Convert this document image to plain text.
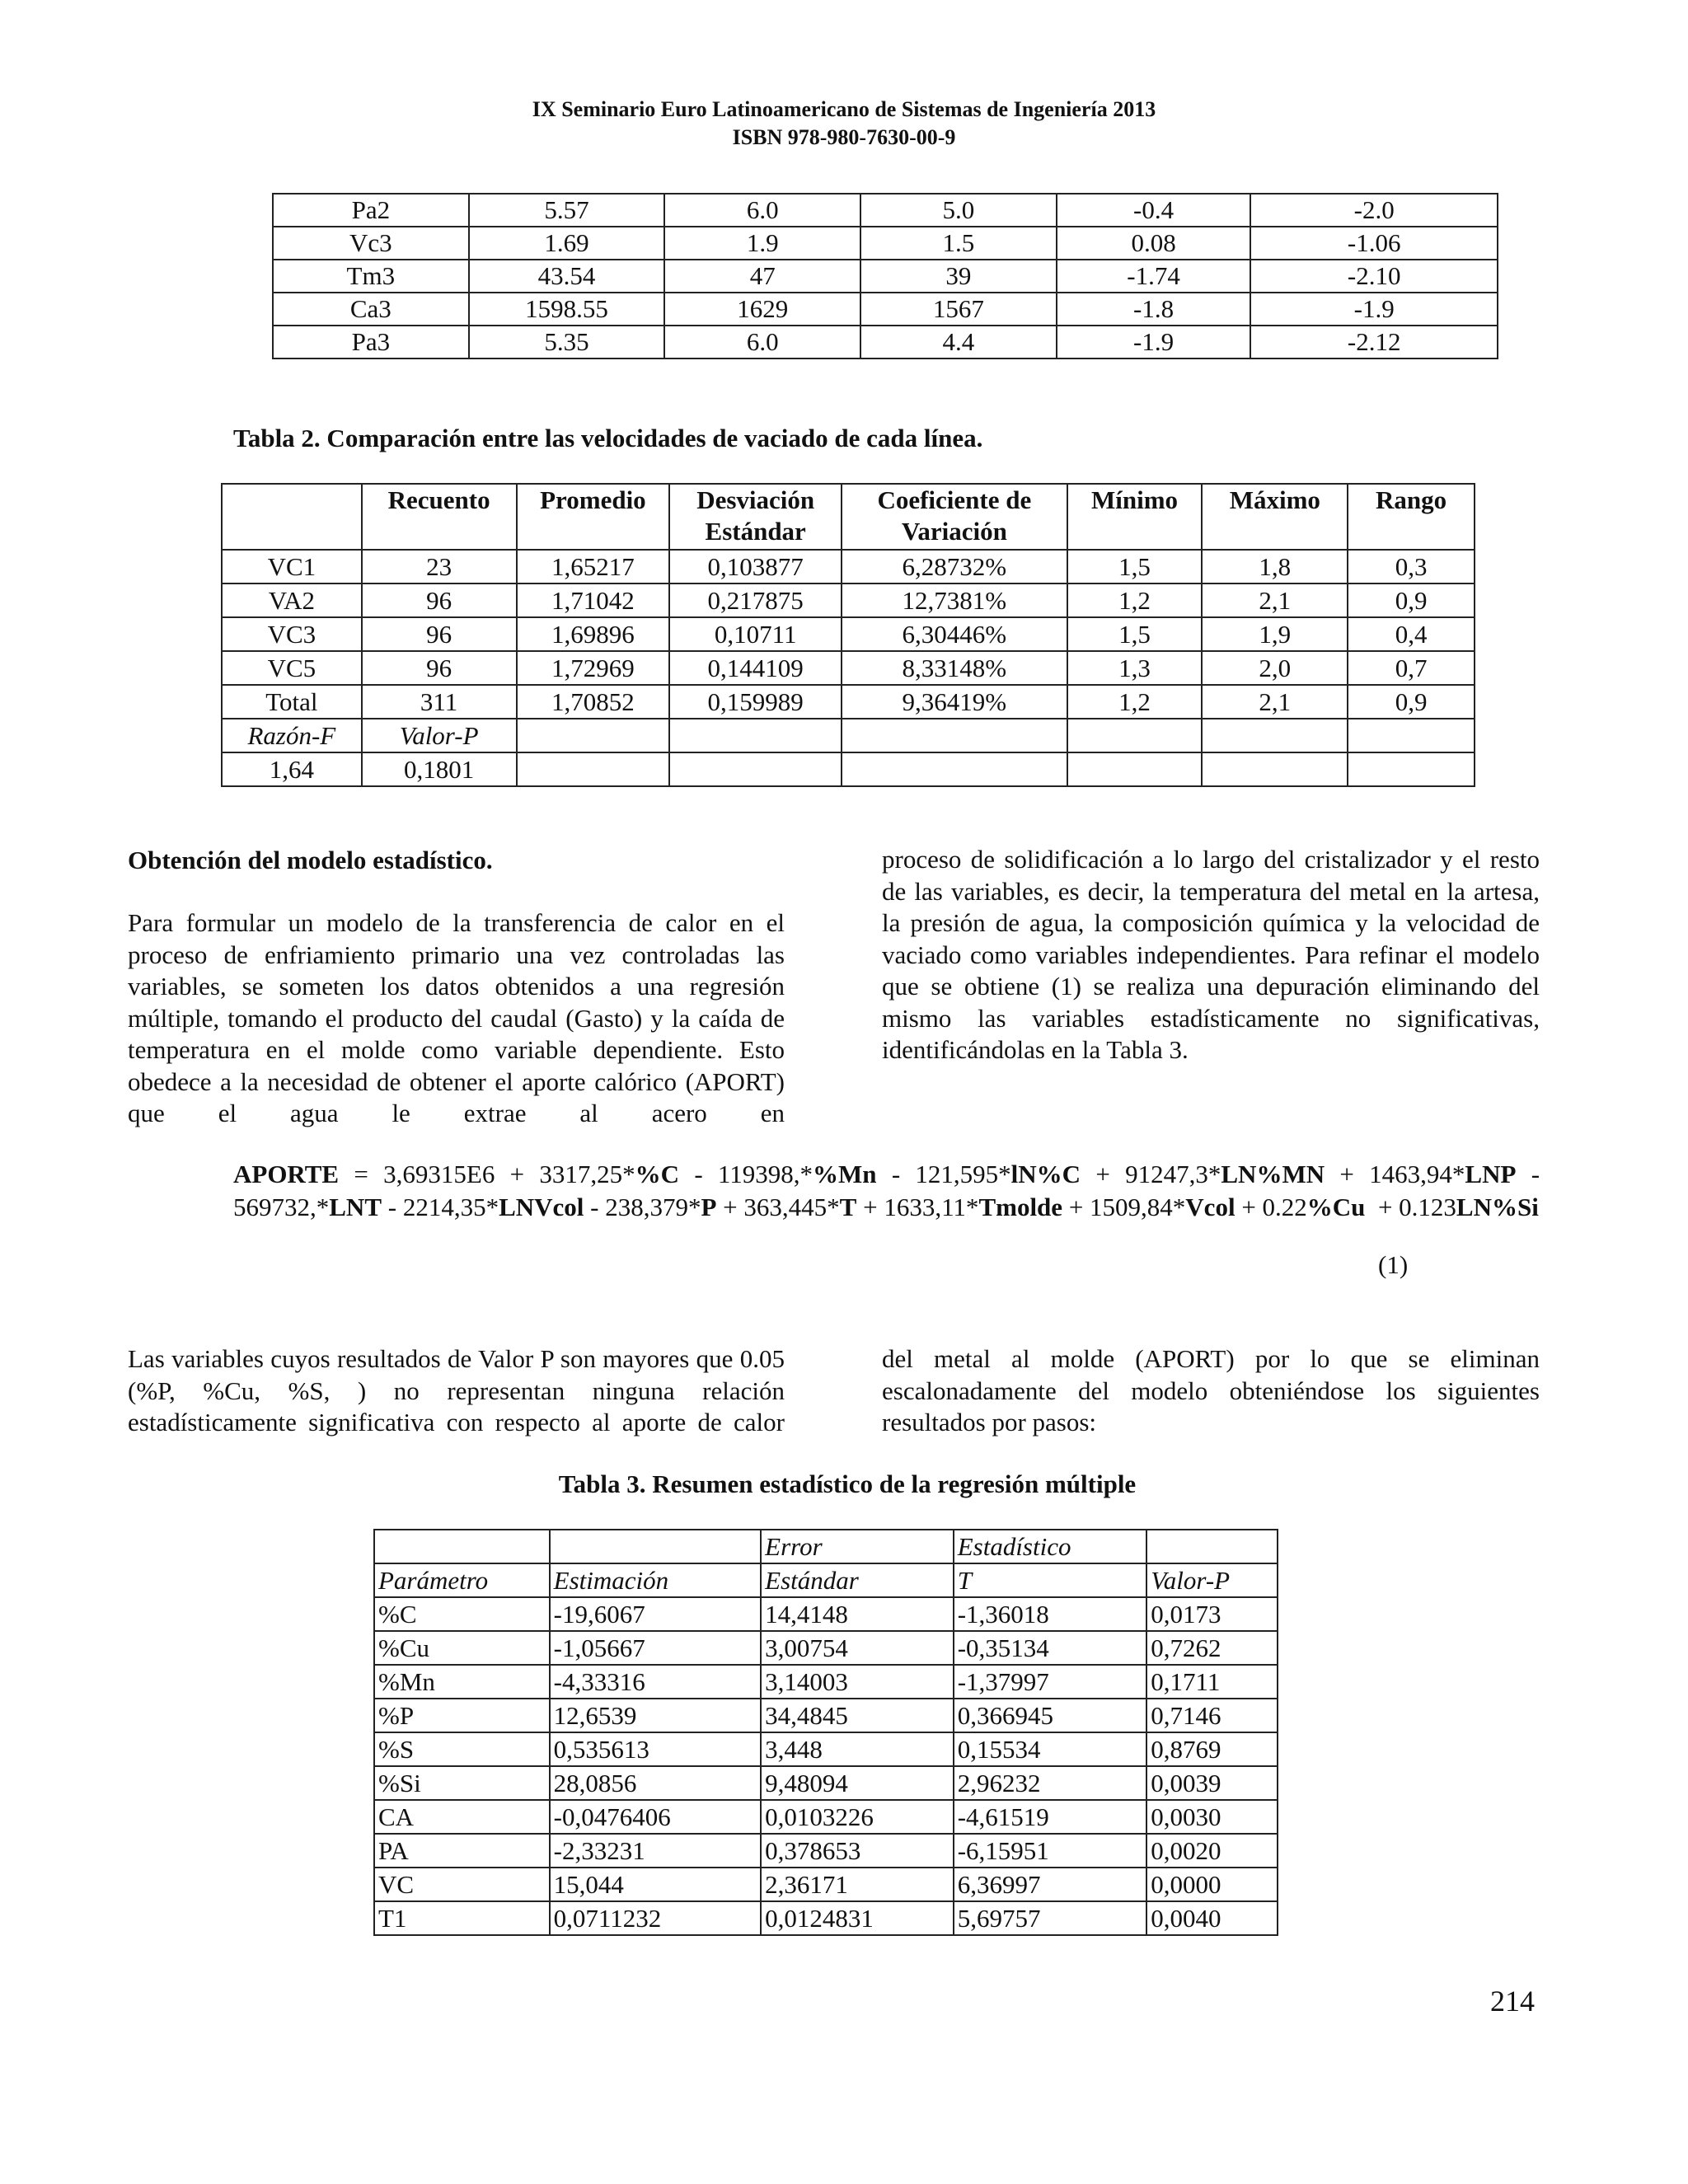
IX Seminario Euro Latinoamericano de Sistemas de Ingeniería 2013
ISBN 978-980-7630-00-9
Pa2	5.57	6.0	5.0	-0.4	-2.0
Vc3	1.69	1.9	1.5	0.08	-1.06
Tm3	43.54	47	39	-1.74	-2.10
Ca3	1598.55	1629	1567	-1.8	-1.9
Pa3	5.35	6.0	4.4	-1.9	-2.12
Tabla 2. Comparación entre las velocidades de vaciado de cada línea.
	Recuento	Promedio	Desviación Estándar	Coeficiente de Variación	Mínimo	Máximo	Rango
VC1	23	1,65217	0,103877	6,28732%	1,5	1,8	0,3
VA2	96	1,71042	0,217875	12,7381%	1,2	2,1	0,9
VC3	96	1,69896	0,10711	6,30446%	1,5	1,9	0,4
VC5	96	1,72969	0,144109	8,33148%	1,3	2,0	0,7
Total	311	1,70852	0,159989	9,36419%	1,2	2,1	0,9
Razón-F	Valor-P						
1,64	0,1801						
Obtención del modelo estadístico.
Para formular un modelo de la transferencia de calor en el proceso de enfriamiento primario una vez controladas las variables, se someten los datos obtenidos a una regresión múltiple, tomando el producto del caudal (Gasto) y la caída de temperatura en el molde como variable dependiente. Esto obedece a la necesidad de obtener el aporte calórico (APORT) que el agua le extrae al acero en
proceso de solidificación a lo largo del cristalizador y el resto de las variables, es decir, la temperatura del metal en la artesa, la presión de agua, la composición química y la velocidad de vaciado como variables independientes. Para refinar el modelo que se obtiene (1) se realiza una depuración eliminando del mismo las variables estadísticamente no significativas, identificándolas en la Tabla 3.
APORTE = 3,69315E6 + 3317,25*%C - 119398,*%Mn - 121,595*lN%C + 91247,3*LN%MN + 1463,94*LNP - 569732,*LNT - 2214,35*LNVcol - 238,379*P + 363,445*T + 1633,11*Tmolde + 1509,84*Vcol + 0.22%Cu  + 0.123LN%Si
(1)
Las variables cuyos resultados de Valor P son mayores que 0.05 (%P, %Cu, %S, ) no representan ninguna relación estadísticamente significativa con respecto al aporte de calor
del metal al molde (APORT) por lo que se eliminan escalonadamente del modelo obteniéndose los siguientes resultados por pasos:
Tabla 3. Resumen estadístico de la regresión múltiple
		Error	Estadístico	
Parámetro	Estimación	Estándar	T	Valor-P
%C	-19,6067	14,4148	-1,36018	0,0173
%Cu	-1,05667	3,00754	-0,35134	0,7262
%Mn	-4,33316	3,14003	-1,37997	0,1711
%P	12,6539	34,4845	0,366945	0,7146
%S	0,535613	3,448	0,15534	0,8769
%Si	28,0856	9,48094	2,96232	0,0039
CA	-0,0476406	0,0103226	-4,61519	0,0030
PA	-2,33231	0,378653	-6,15951	0,0020
VC	15,044	2,36171	6,36997	0,0000
T1	0,0711232	0,0124831	5,69757	0,0040
214
